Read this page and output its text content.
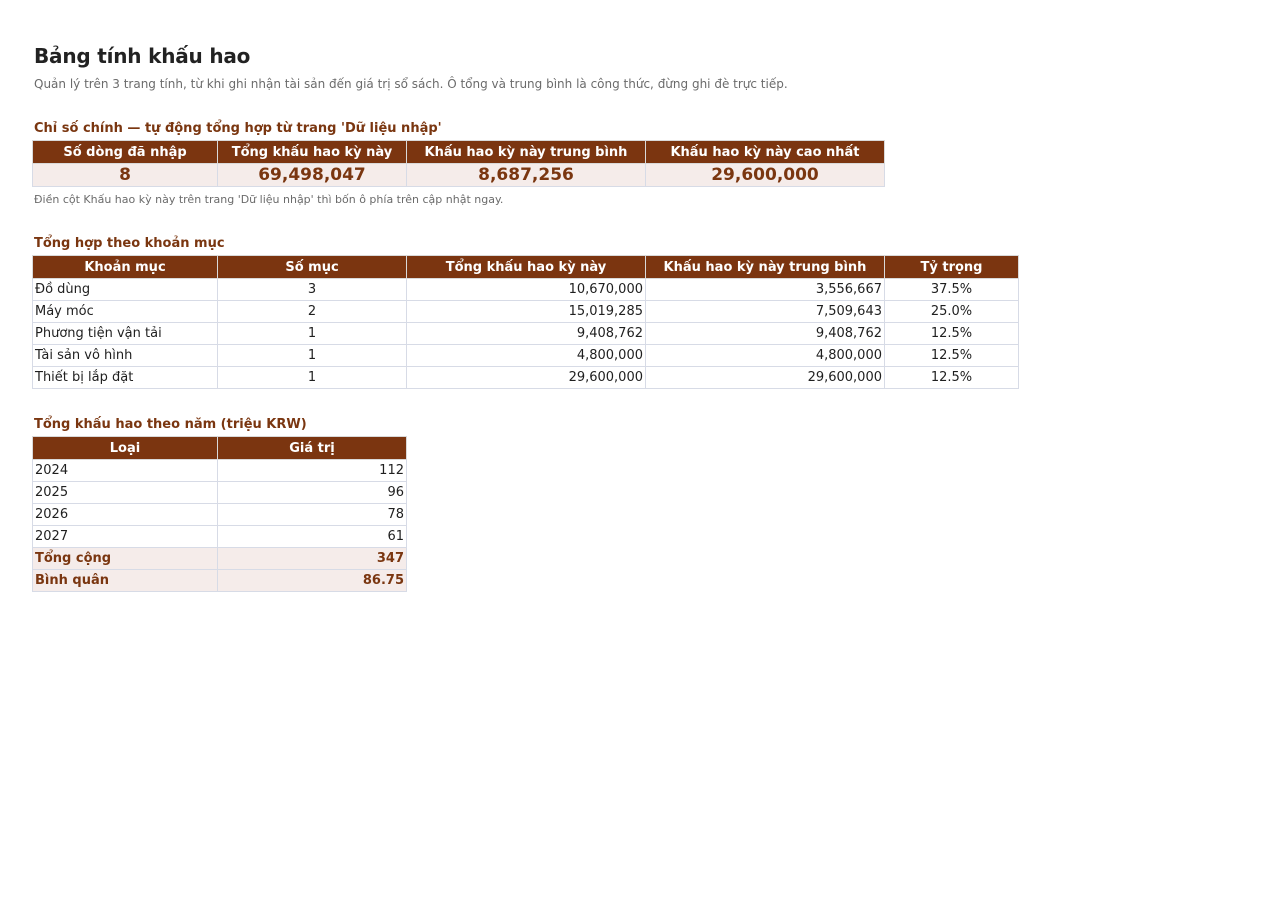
Bảng tính khấu hao
Quản lý trên 3 trang tính, từ khi ghi nhận tài sản đến giá trị sổ sách. Ô tổng và trung bình là công thức, đừng ghi đè trực tiếp.
Chỉ số chính — tự động tổng hợp từ trang 'Dữ liệu nhập'
Số dòng đã nhập	Tổng khấu hao kỳ này	Khấu hao kỳ này trung bình	Khấu hao kỳ này cao nhất
8	69,498,047	8,687,256	29,600,000
Điền cột Khấu hao kỳ này trên trang 'Dữ liệu nhập' thì bốn ô phía trên cập nhật ngay.
Tổng hợp theo khoản mục
Khoản mục	Số mục	Tổng khấu hao kỳ này	Khấu hao kỳ này trung bình	Tỷ trọng
Đồ dùng	3	10,670,000	3,556,667	37.5%
Máy móc	2	15,019,285	7,509,643	25.0%
Phương tiện vận tải	1	9,408,762	9,408,762	12.5%
Tài sản vô hình	1	4,800,000	4,800,000	12.5%
Thiết bị lắp đặt	1	29,600,000	29,600,000	12.5%
Tổng khấu hao theo năm (triệu KRW)
Loại	Giá trị
2024	112
2025	96
2026	78
2027	61
Tổng cộng	347
Bình quân	86.75
